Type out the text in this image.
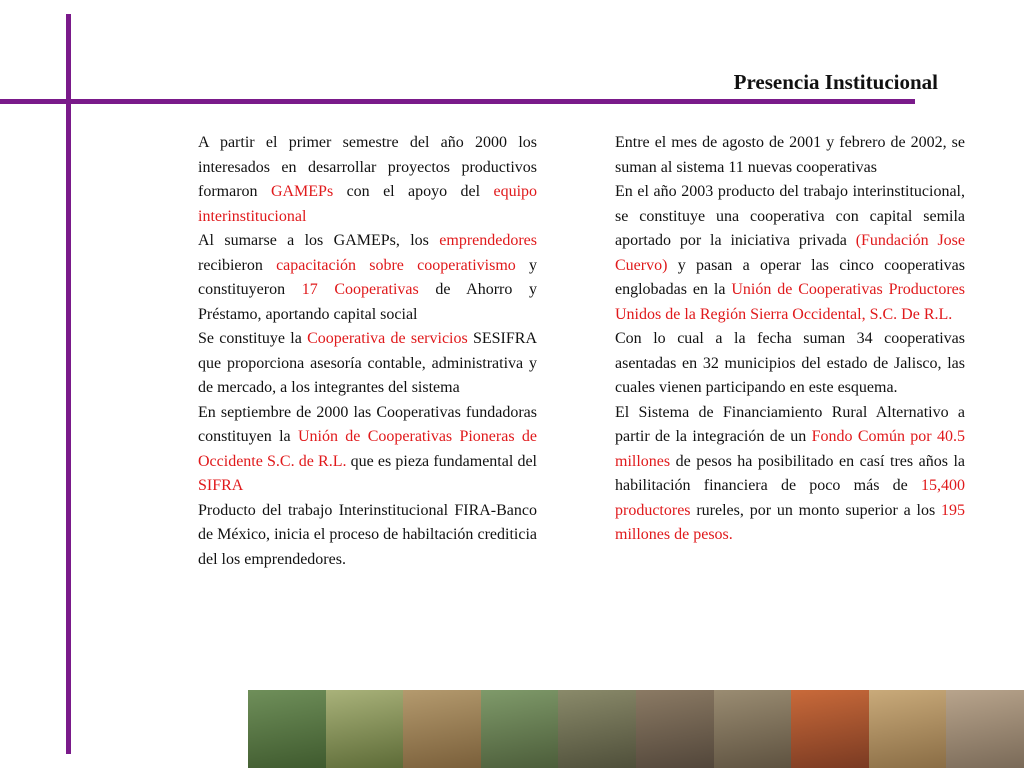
Presencia Institucional

A partir el primer semestre del año 2000 los interesados en desarrollar proyectos productivos formaron GAMEPs con el apoyo del equipo interinstitucional

Al sumarse a los GAMEPs, los emprendedores recibieron capacitación sobre cooperativismo y constituyeron 17 Cooperativas de Ahorro y Préstamo, aportando capital social

Se constituye la Cooperativa de servicios SESIFRA que proporciona asesoría contable, administrativa y de mercado, a los integrantes del sistema

En septiembre de 2000 las Cooperativas fundadoras constituyen la Unión de Cooperativas Pioneras de Occidente S.C. de R.L. que es pieza fundamental del SIFRA

Producto del trabajo Interinstitucional FIRA-Banco de México, inicia el proceso de habiltación crediticia del los emprendedores.

Entre el mes de agosto de 2001 y febrero de 2002, se suman al sistema 11 nuevas cooperativas

En el año 2003 producto del trabajo interinstitucional, se constituye una cooperativa con capital semila aportado por la iniciativa privada (Fundación Jose Cuervo) y pasan a operar las cinco cooperativas englobadas en la Unión de Cooperativas Productores Unidos de la Región Sierra Occidental, S.C. De R.L.

Con lo cual a la fecha suman 34 cooperativas asentadas en 32 municipios del estado de Jalisco, las cuales vienen participando en este esquema.

El Sistema de Financiamiento Rural Alternativo a partir de la integración de un Fondo Común por 40.5 millones de pesos ha posibilitado en casí tres años la habilitación financiera de poco más de 15,400 productores rureles, por un monto superior a los 195 millones de pesos.
